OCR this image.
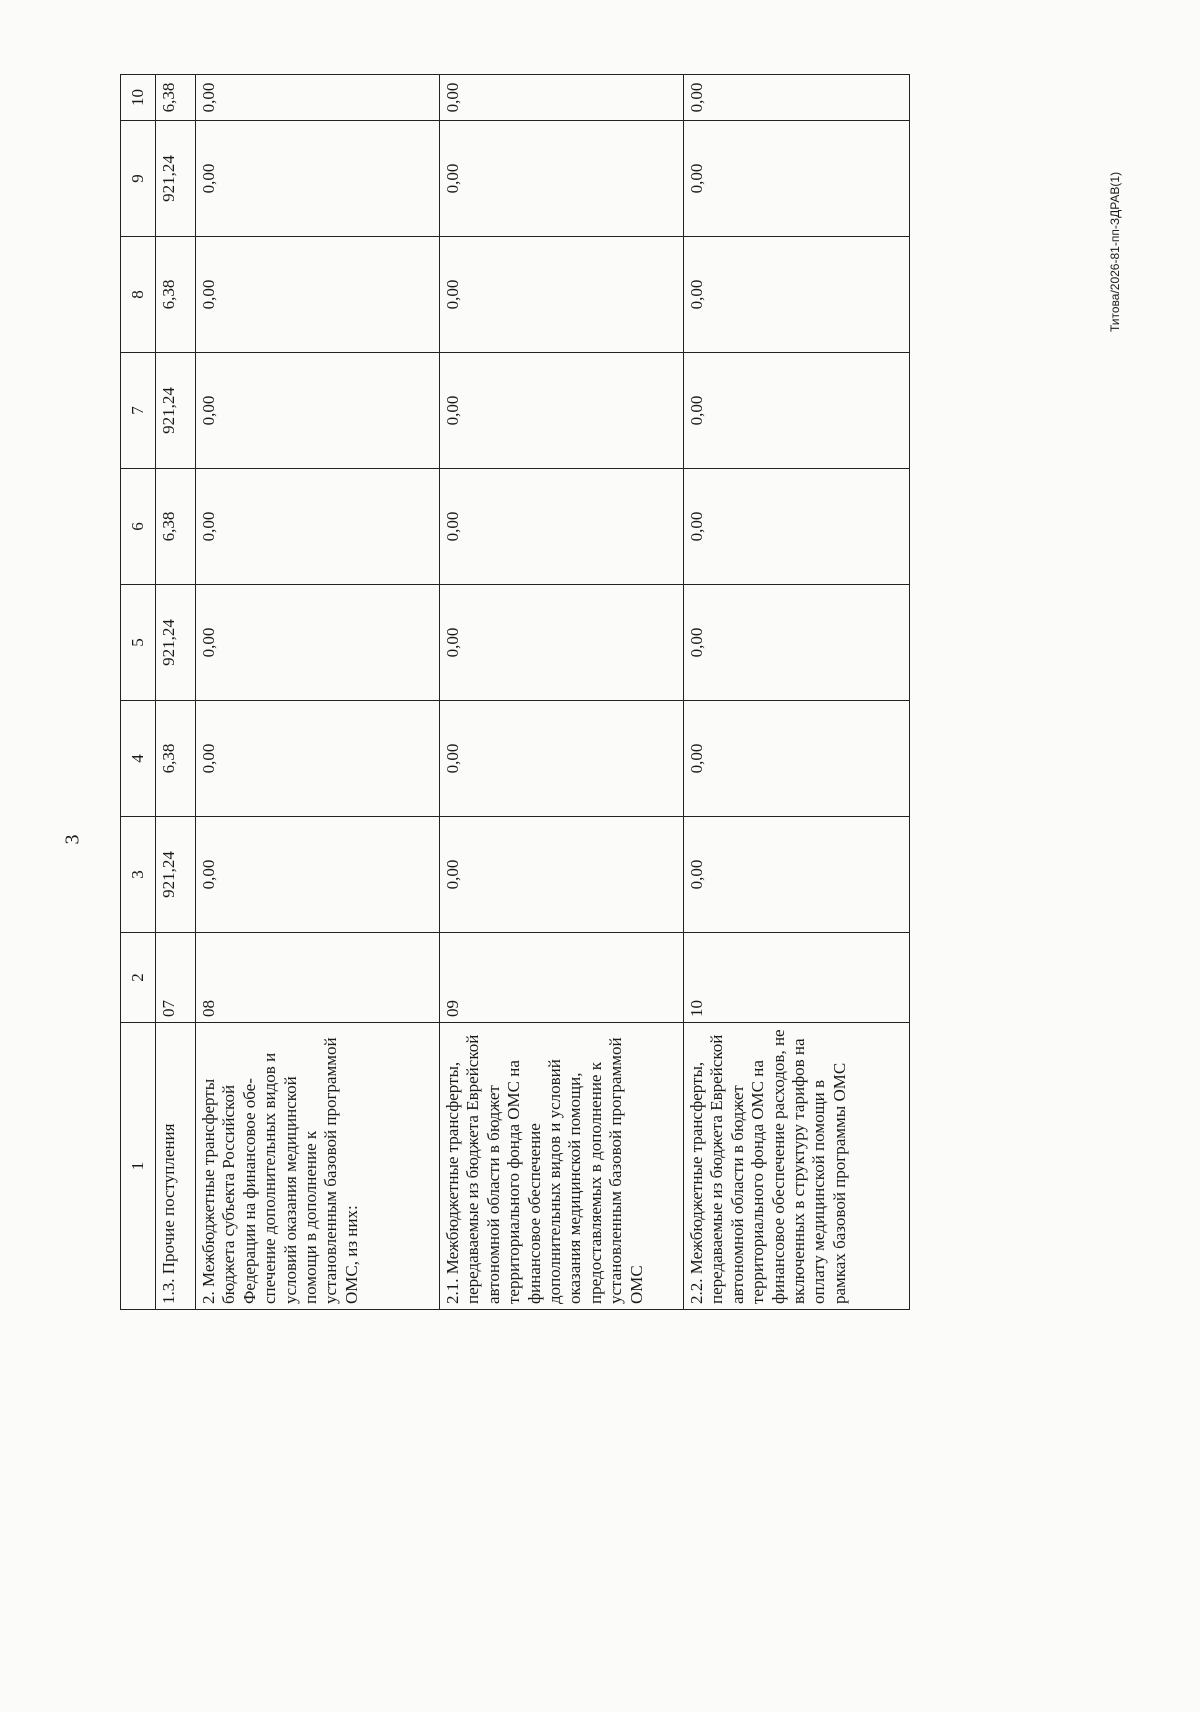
3
Титова/2026-81-пп-ЗДРАВ(1)
1	2	3	4	5	6	7	8	9	10
1.3. Прочие поступления	07	921,24	6,38	921,24	6,38	921,24	6,38	921,24	6,38
2. Межбюджетные трансферты бюджета субъекта Российской Федерации на финансовое обе-спечение дополнительных видов и условий оказания медицинской помощи в дополнение к установленным базовой программой ОМС, из них:	08	0,00	0,00	0,00	0,00	0,00	0,00	0,00	0,00
2.1. Межбюджетные трансферты, передаваемые из бюджета Еврейской автономной области в бюджет территориального фонда ОМС на финансовое обеспечение дополнительных видов и условий оказания медицинской помощи, предоставляемых в дополнение к установленным базовой программой ОМС	09	0,00	0,00	0,00	0,00	0,00	0,00	0,00	0,00
2.2. Межбюджетные трансферты, передаваемые из бюджета Еврейской автономной области в бюджет территориального фонда ОМС на финансовое обеспечение расходов, не включенных в структуру тарифов на оплату медицинской помощи в рамках базовой программы ОМС	10	0,00	0,00	0,00	0,00	0,00	0,00	0,00	0,00
